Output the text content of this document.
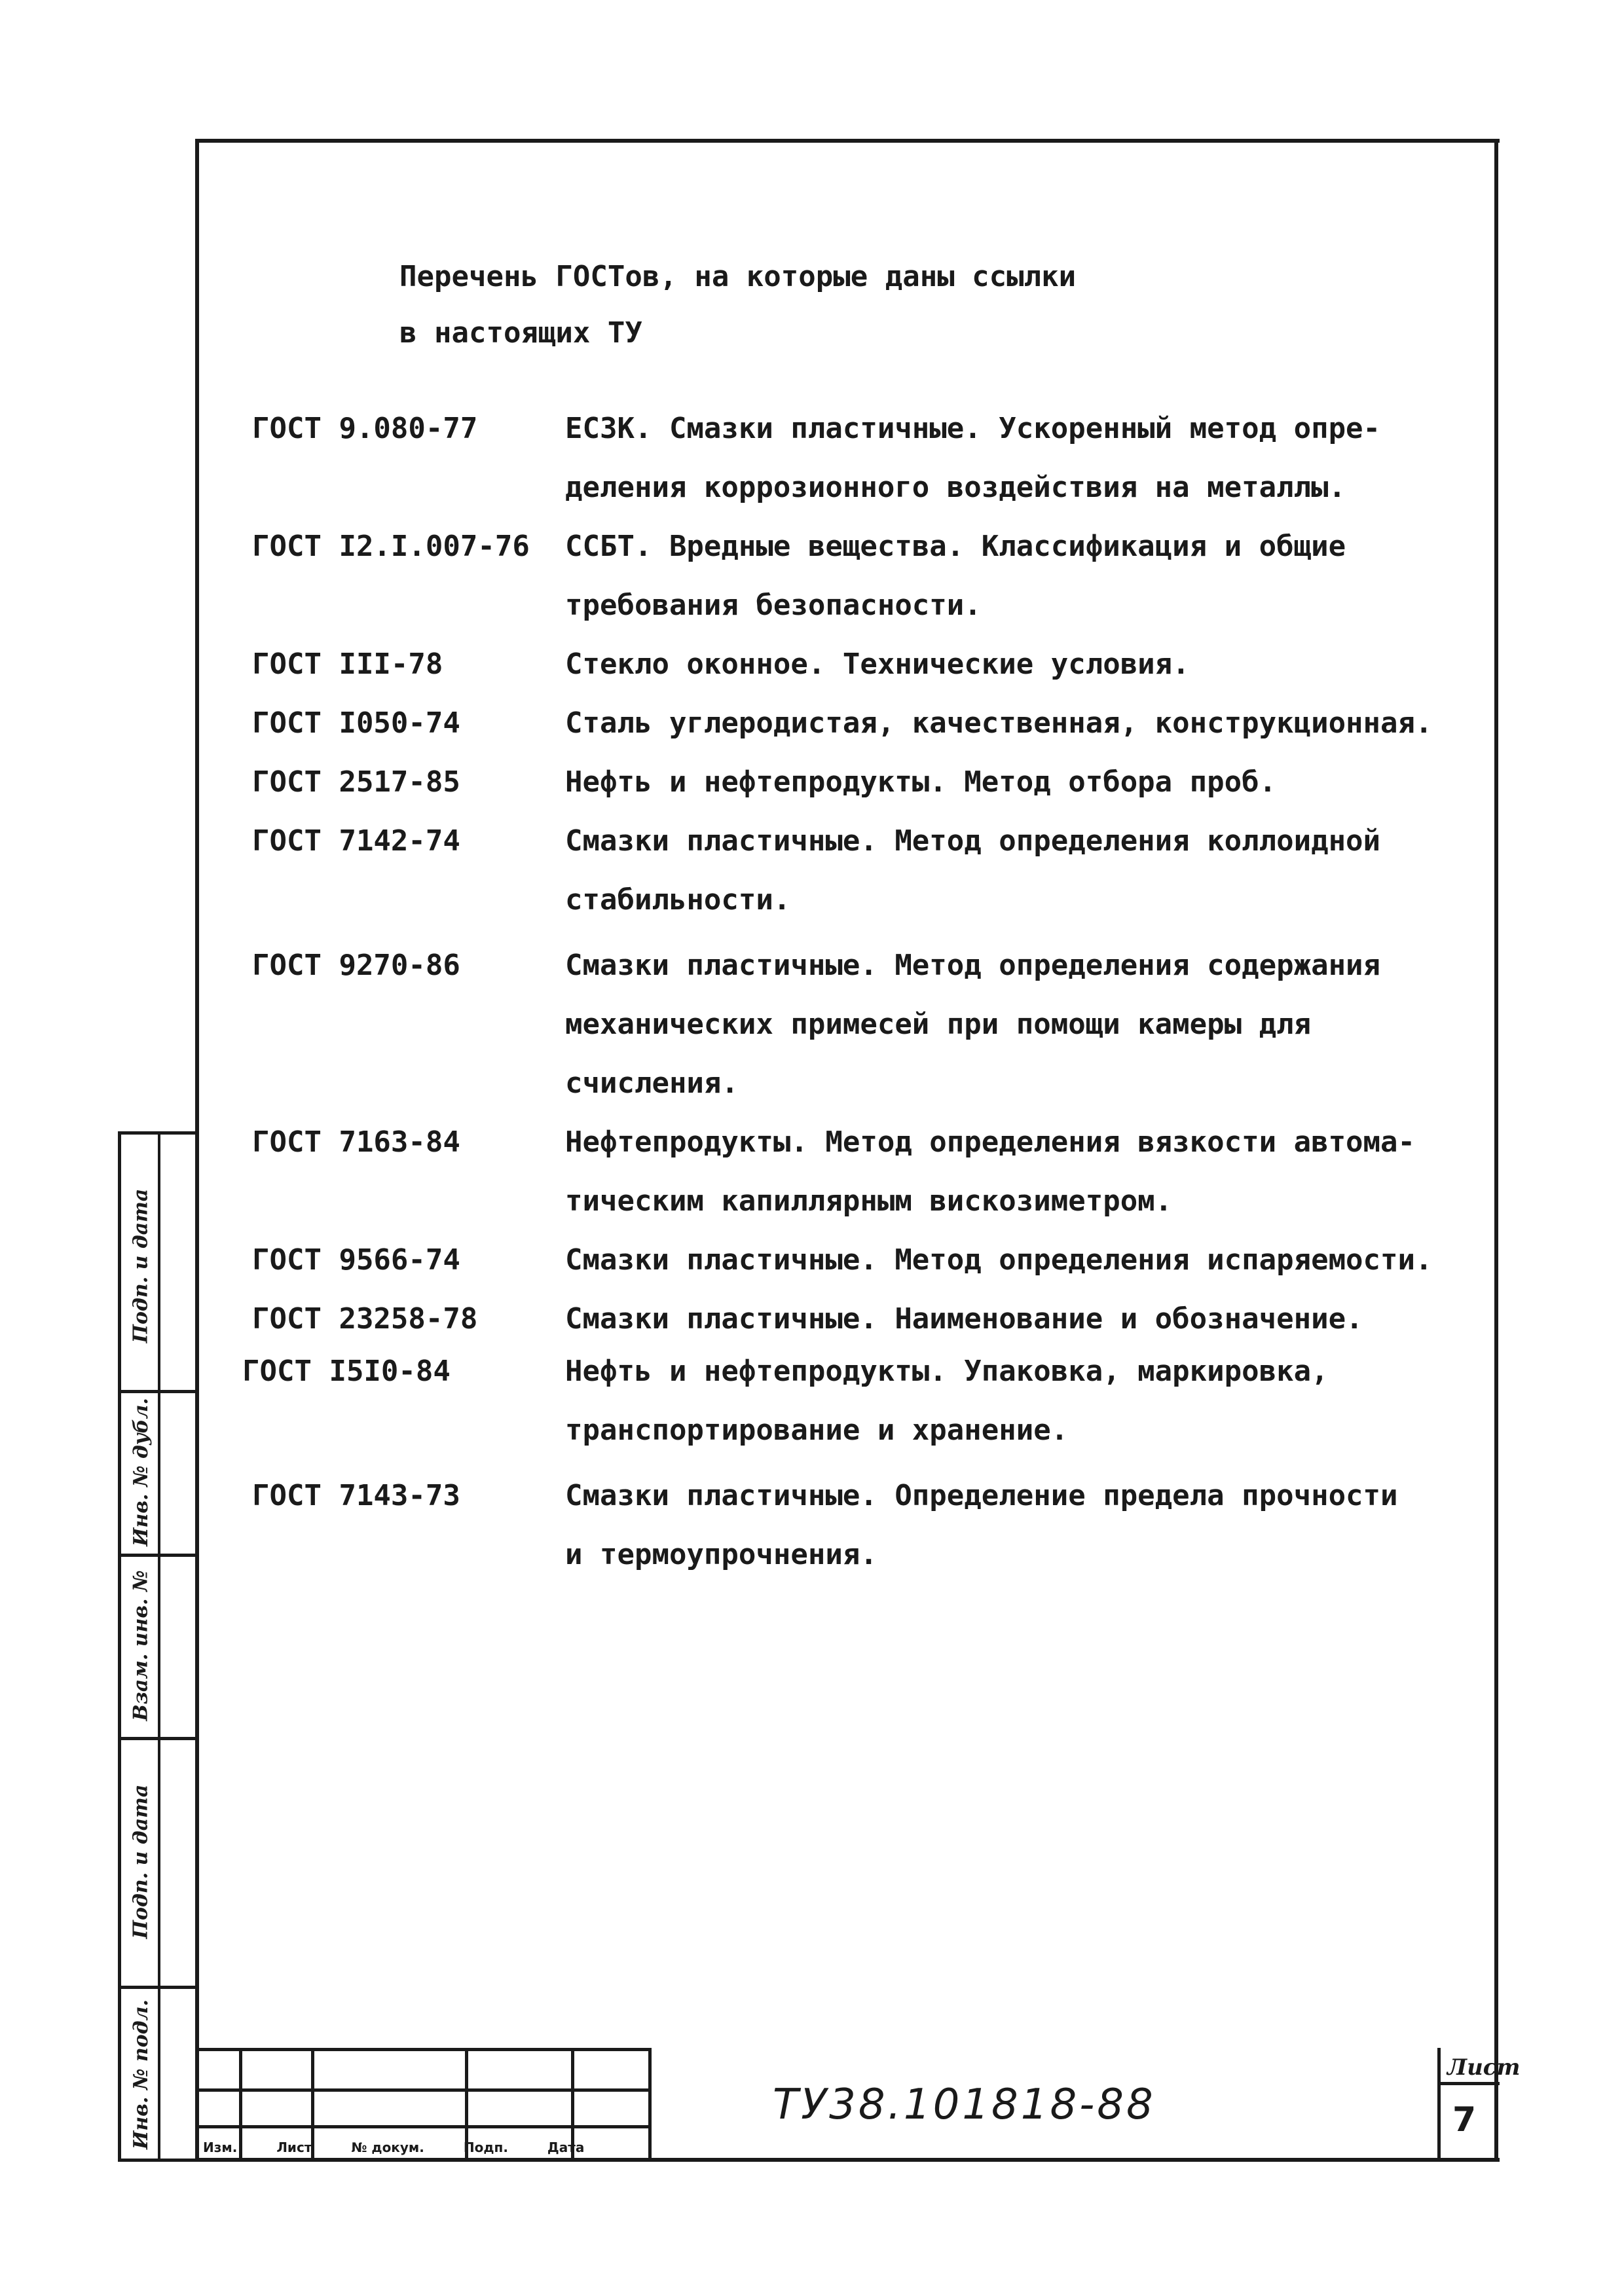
Перечень ГОСТов, на которые даны ссылки
в настоящих ТУ
ГОСТ 9.080-77	ЕСЗК. Смазки пластичные. Ускоренный метод опре-
деления коррозионного воздействия на металлы.
ГОСТ I2.I.007-76 ССБТ. Вредные вещества. Классификация и общие
требования безопасности.
ГОСТ III-78	Стекло оконное. Технические условия.
ГОСТ I050-74	Сталь углеродистая, качественная, конструкционная.
ГОСТ 2517-85	Нефть и нефтепродукты. Метод отбора проб.
ГОСТ 7142-74	Смазки пластичные. Метод определения коллоидной
стабильности.
ГОСТ 9270-86	Смазки пластичные. Метод определения содержания
механических примесей при помощи камеры для
счисления.
ГОСТ 7163-84	Нефтепродукты. Метод определения вязкости автома-
тическим капиллярным вискозиметром.
ГОСТ 9566-74	Смазки пластичные. Метод определения испаряемости.
ГОСТ 23258-78	Смазки пластичные. Наименование и обозначение.
ГОСТ I5I0-84	Нефть и нефтепродукты. Упаковка, маркировка,
транспортирование и хранение.
ГОСТ 7143-73	Смазки пластичные. Определение предела прочности
и термоупрочнения.
Подп. и дата
Инв. № дубл.
Взам. инв. №
Подп. и дата
Инв. № подл.	Изм.	Лист	№ докум.	Подп.	Дата
ТУ38.101818-88
Лист
7
